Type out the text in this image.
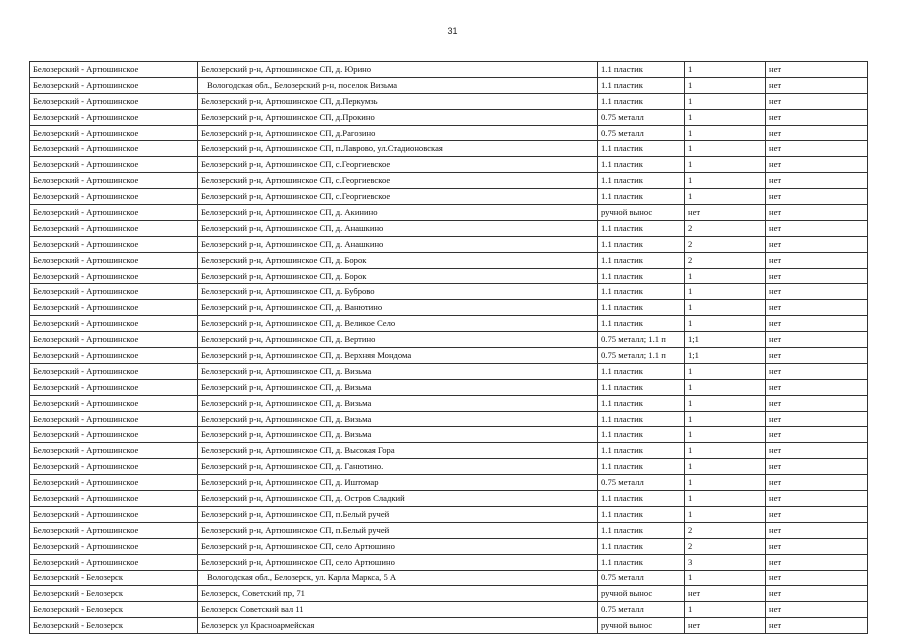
31
Белозерский - Артюшинское	Белозерский р-н, Артюшинское СП, д. Юрино	1.1 пластик	1	нет
Белозерский - Артюшинское	Вологодская обл., Белозерский р-н, поселок Визьма	1.1 пластик	1	нет
Белозерский - Артюшинское	Белозерский р-н, Артюшинское СП, д.Перкумзь	1.1 пластик	1	нет
Белозерский - Артюшинское	Белозерский р-н, Артюшинское СП, д.Прокино	0.75 металл	1	нет
Белозерский - Артюшинское	Белозерский р-н, Артюшинское СП, д.Рагозино	0.75 металл	1	нет
Белозерский - Артюшинское	Белозерский р-н, Артюшинское СП, п.Лаврово, ул.Стадионовская	1.1 пластик	1	нет
Белозерский - Артюшинское	Белозерский р-н, Артюшинское СП, с.Георгиевское	1.1 пластик	1	нет
Белозерский - Артюшинское	Белозерский р-н, Артюшинское СП, с.Георгиевское	1.1 пластик	1	нет
Белозерский - Артюшинское	Белозерский р-н, Артюшинское СП, с.Георгиевское	1.1 пластик	1	нет
Белозерский - Артюшинское	Белозерский р-н, Артюшинское СП, д. Акинино	ручной вынос	нет	нет
Белозерский - Артюшинское	Белозерский р-н, Артюшинское СП, д. Анашкино	1.1 пластик	2	нет
Белозерский - Артюшинское	Белозерский р-н, Артюшинское СП, д. Анашкино	1.1 пластик	2	нет
Белозерский - Артюшинское	Белозерский р-н, Артюшинское СП, д. Борок	1.1 пластик	2	нет
Белозерский - Артюшинское	Белозерский р-н, Артюшинское СП, д. Борок	1.1 пластик	1	нет
Белозерский - Артюшинское	Белозерский р-н, Артюшинское СП, д. Буброво	1.1 пластик	1	нет
Белозерский - Артюшинское	Белозерский р-н, Артюшинское СП, д. Ванютино	1.1 пластик	1	нет
Белозерский - Артюшинское	Белозерский р-н, Артюшинское СП, д. Великое Село	1.1 пластик	1	нет
Белозерский - Артюшинское	Белозерский р-н, Артюшинское СП, д. Вертино	0.75 металл; 1.1 п	1;1	нет
Белозерский - Артюшинское	Белозерский р-н, Артюшинское СП, д. Верхняя Мондома	0.75 металл; 1.1 п	1;1	нет
Белозерский - Артюшинское	Белозерский р-н, Артюшинское СП, д. Визьма	1.1 пластик	1	нет
Белозерский - Артюшинское	Белозерский р-н, Артюшинское СП, д. Визьма	1.1 пластик	1	нет
Белозерский - Артюшинское	Белозерский р-н, Артюшинское СП, д. Визьма	1.1 пластик	1	нет
Белозерский - Артюшинское	Белозерский р-н, Артюшинское СП, д. Визьма	1.1 пластик	1	нет
Белозерский - Артюшинское	Белозерский р-н, Артюшинское СП, д. Визьма	1.1 пластик	1	нет
Белозерский - Артюшинское	Белозерский р-н, Артюшинское СП, д. Высокая Гора	1.1 пластик	1	нет
Белозерский - Артюшинское	Белозерский р-н, Артюшинское СП, д. Ганютино.	1.1 пластик	1	нет
Белозерский - Артюшинское	Белозерский р-н, Артюшинское СП, д. Иштомар	0.75 металл	1	нет
Белозерский - Артюшинское	Белозерский р-н, Артюшинское СП, д. Остров Сладкий	1.1 пластик	1	нет
Белозерский - Артюшинское	Белозерский р-н, Артюшинское СП, п.Белый ручей	1.1 пластик	1	нет
Белозерский - Артюшинское	Белозерский р-н, Артюшинское СП, п.Белый ручей	1.1 пластик	2	нет
Белозерский - Артюшинское	Белозерский р-н, Артюшинское СП, село Артюшино	1.1 пластик	2	нет
Белозерский - Артюшинское	Белозерский р-н, Артюшинское СП, село Артюшино	1.1 пластик	3	нет
Белозерский - Белозерск	Вологодская обл., Белозерск, ул. Карла Маркса, 5 А	0.75 металл	1	нет
Белозерский - Белозерск	Белозерск, Советский пр, 71	ручной вынос	нет	нет
Белозерский - Белозерск	Белозерск Советский вал 11	0.75 металл	1	нет
Белозерский - Белозерск	Белозерск ул Красноармейская	ручной вынос	нет	нет
